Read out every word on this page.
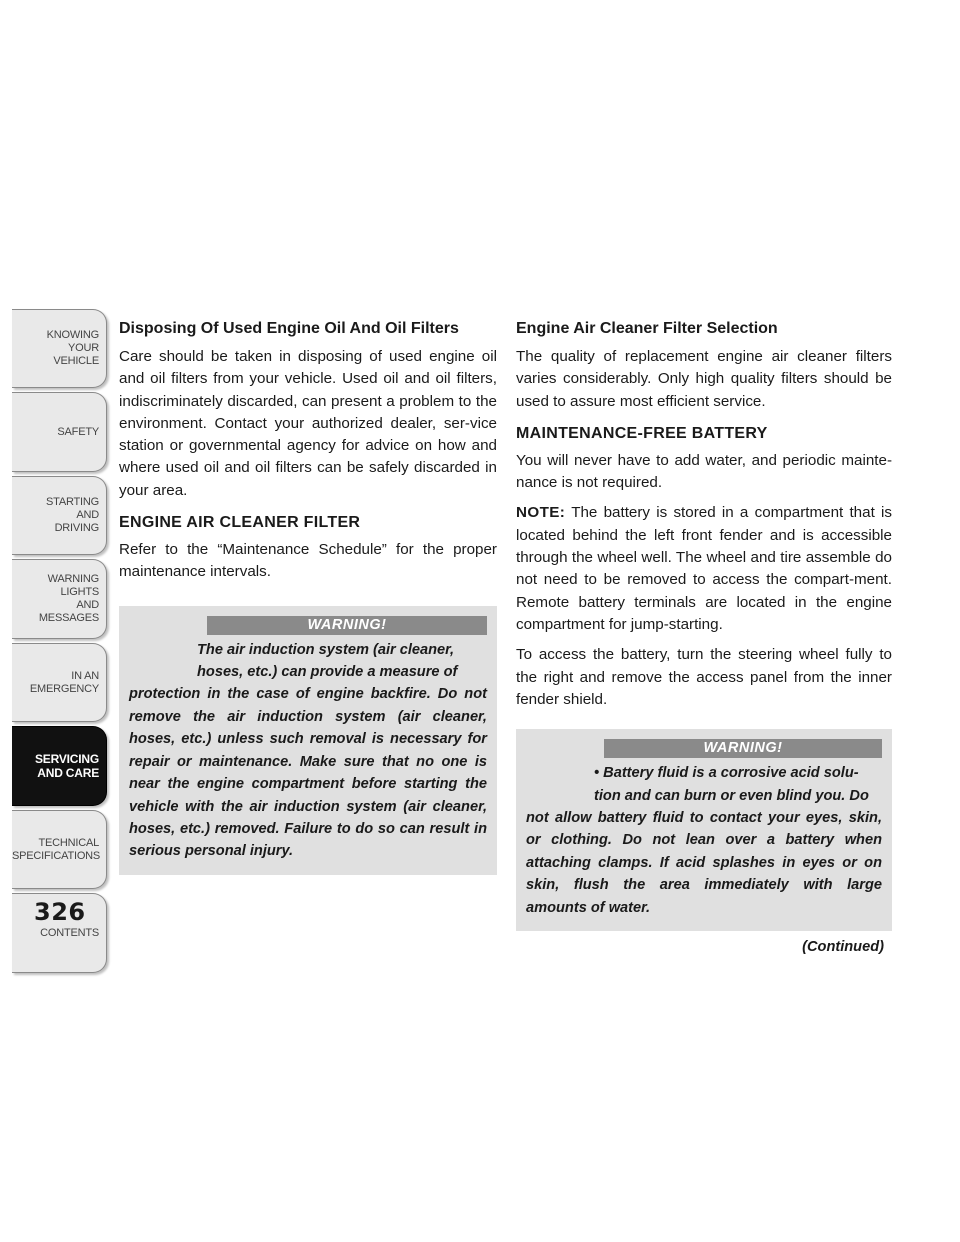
KNOWING
YOUR
VEHICLE
SAFETY
STARTING
AND
DRIVING
WARNING
LIGHTS
AND
MESSAGES
IN AN
EMERGENCY
SERVICING
AND CARE
TECHNICAL
SPECIFICATIONS
CONTENTS
326
Disposing Of Used Engine Oil And Oil Filters

Care should be taken in disposing of used engine oil and oil filters from your vehicle. Used oil and oil filters, indiscriminately discarded, can present a problem to the environment. Contact your authorized dealer, ser-vice station or governmental agency for advice on how and where used oil and oil filters can be safely discarded in your area.

ENGINE AIR CLEANER FILTER

Refer to the “Maintenance Schedule” for the proper maintenance intervals.

WARNING!
The air induction system (air cleaner,
hoses, etc.) can provide a measure of
protection in the case of engine backfire. Do not remove the air induction system (air cleaner, hoses, etc.) unless such removal is necessary for repair or maintenance. Make sure that no one is near the engine compartment before starting the vehicle with the air induction system (air cleaner, hoses, etc.) removed. Failure to do so can result in serious personal injury.
Engine Air Cleaner Filter Selection

The quality of replacement engine air cleaner filters varies considerably. Only high quality filters should be used to assure most efficient service.

MAINTENANCE-FREE BATTERY

You will never have to add water, and periodic mainte-nance is not required.

NOTE: The battery is stored in a compartment that is located behind the left front fender and is accessible through the wheel well. The wheel and tire assemble do not need to be removed to access the compart-ment. Remote battery terminals are located in the engine compartment for jump-starting.

To access the battery, turn the steering wheel fully to the right and remove the access panel from the inner fender shield.

WARNING!
• Battery fluid is a corrosive acid solu-
tion and can burn or even blind you. Do
not allow battery fluid to contact your eyes, skin, or clothing. Do not lean over a battery when attaching clamps. If acid splashes in eyes or on skin, flush the area immediately with large amounts of water.
(Continued)
